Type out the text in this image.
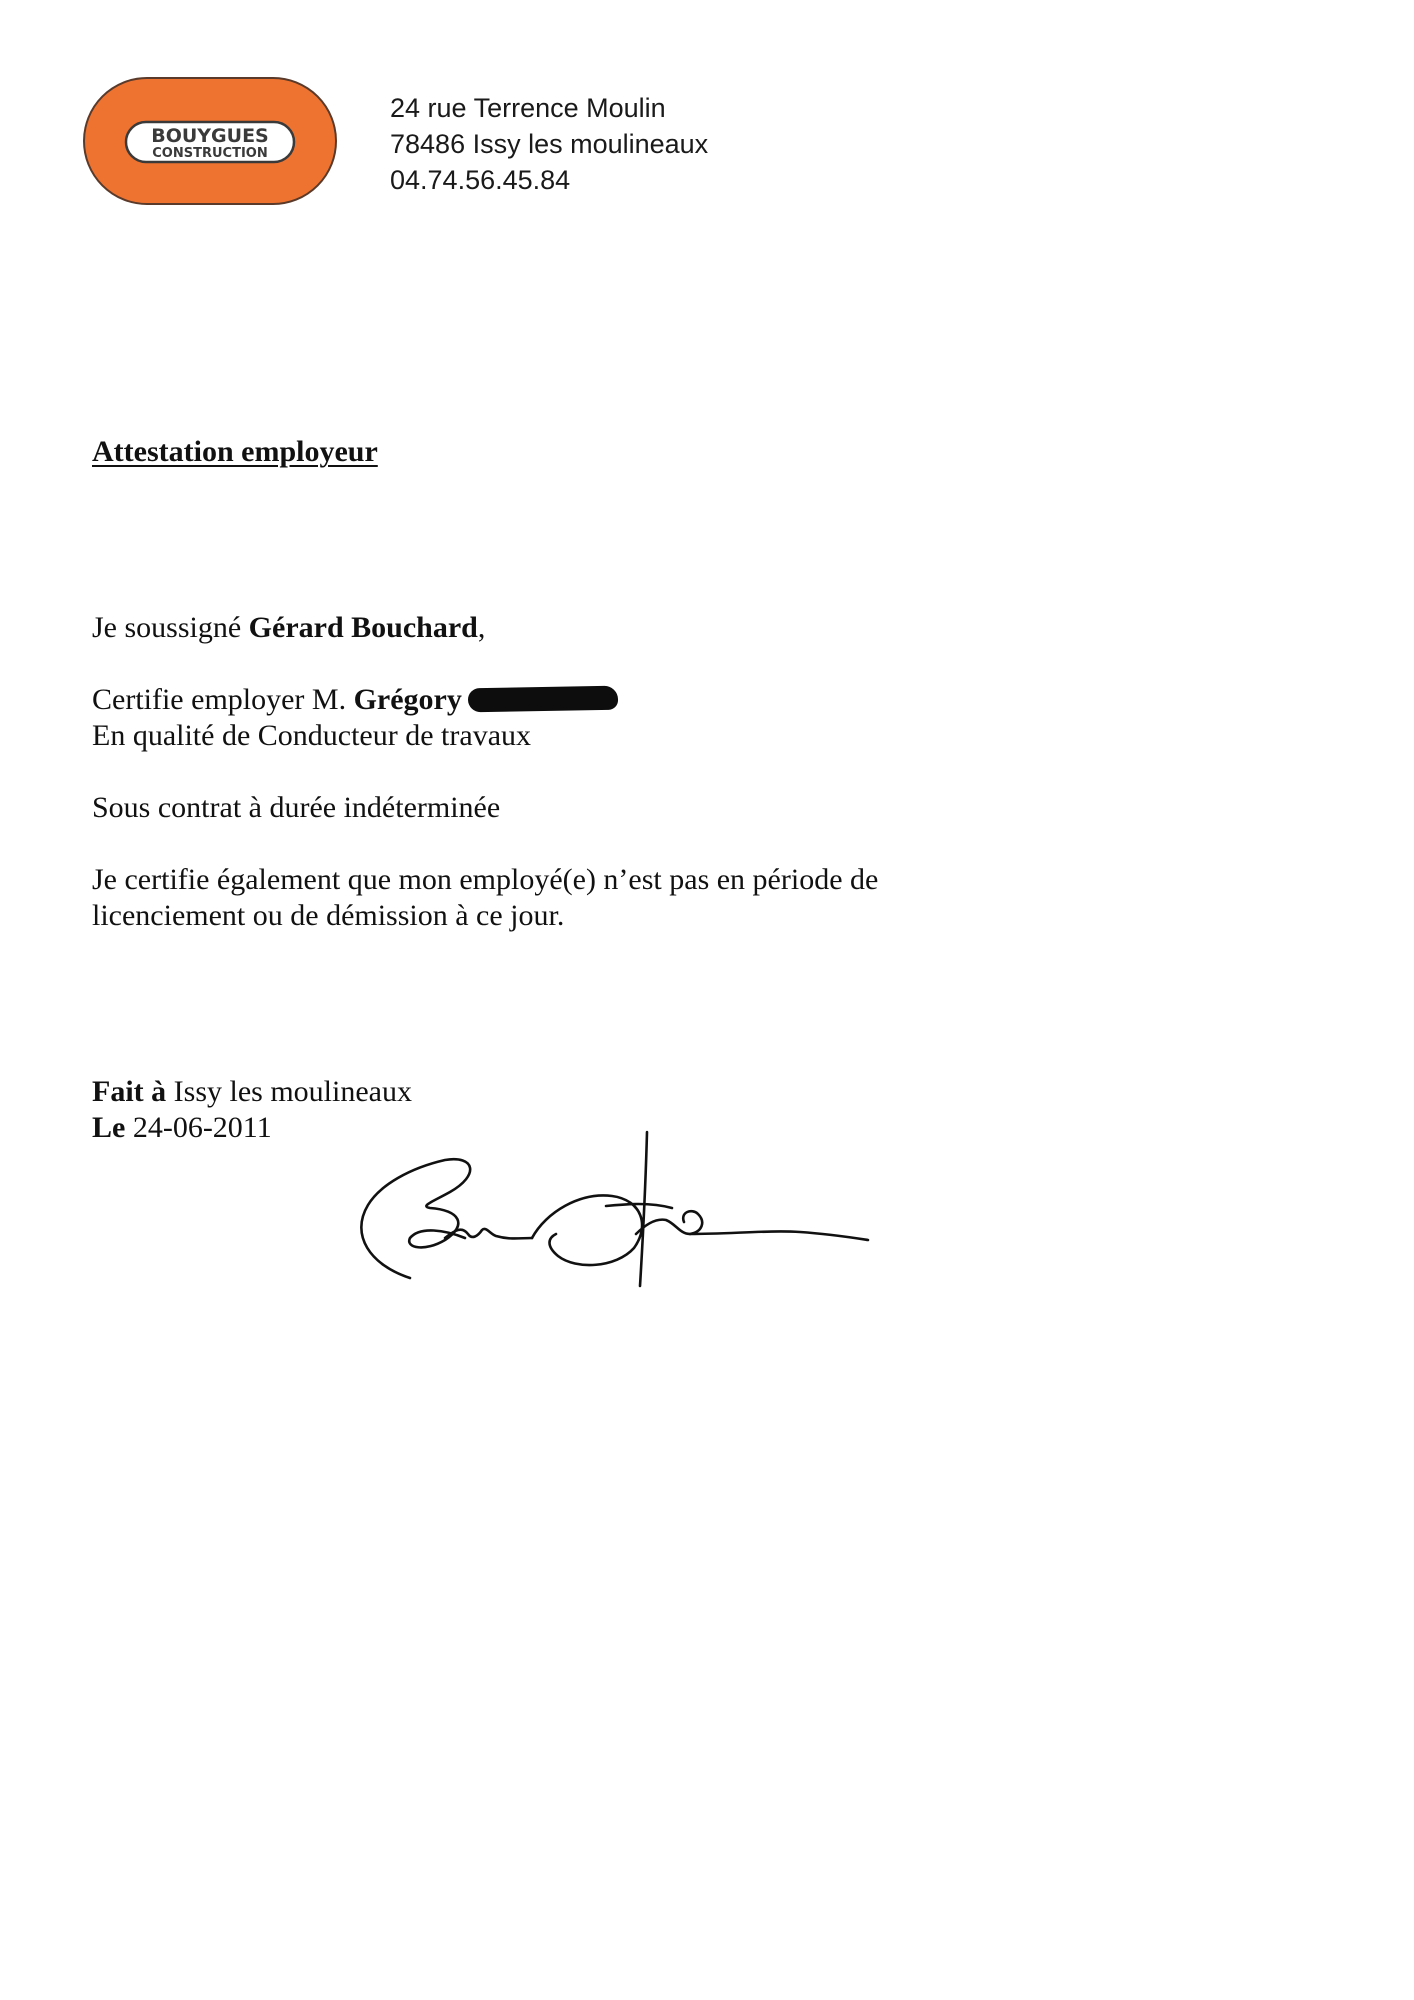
BOUYGUES
CONSTRUCTION
24 rue Terrence Moulin
78486 Issy les moulineaux
04.74.56.45.84
Attestation employeur
Je soussigné Gérard Bouchard,
Certifie employer M. Grégory
En qualité de Conducteur de travaux
Sous contrat à durée indéterminée
Je certifie également que mon employé(e) n’est pas en période de
licenciement ou de démission à ce jour.
Fait à Issy les moulineaux
Le 24-06-2011
